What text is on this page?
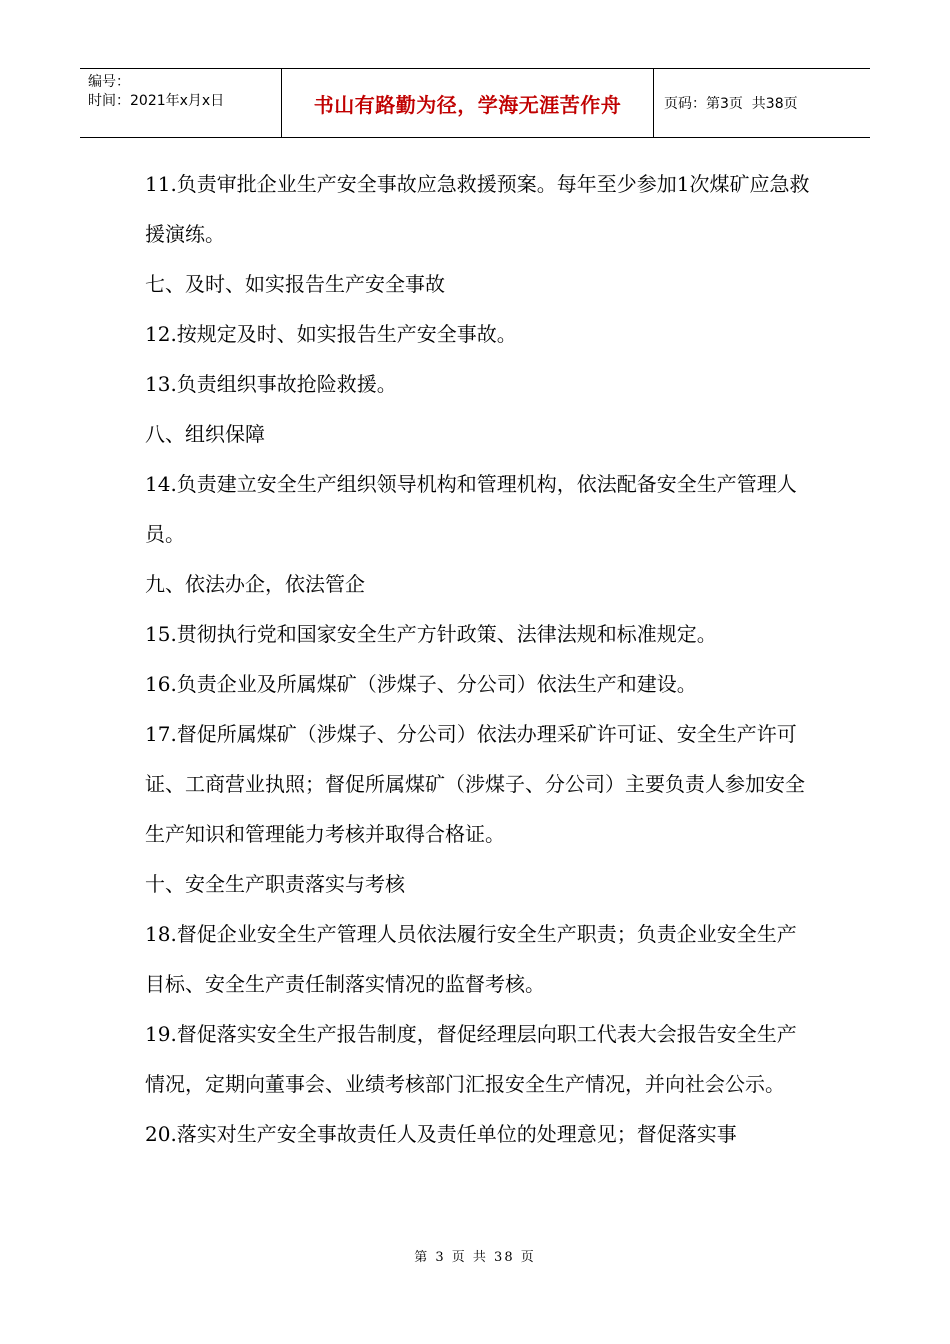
编号：
时间：2021年x月x日	书山有路勤为径，学海无涯苦作舟	页码：第3页  共38页

11.负责审批企业生产安全事故应急救援预案。每年至少参加1次煤矿应急救援演练。

七、及时、如实报告生产安全事故

12.按规定及时、如实报告生产安全事故。

13.负责组织事故抢险救援。

八、组织保障

14.负责建立安全生产组织领导机构和管理机构，依法配备安全生产管理人员。

九、依法办企，依法管企

15.贯彻执行党和国家安全生产方针政策、法律法规和标准规定。

16.负责企业及所属煤矿（涉煤子、分公司）依法生产和建设。

17.督促所属煤矿（涉煤子、分公司）依法办理采矿许可证、安全生产许可证、工商营业执照；督促所属煤矿（涉煤子、分公司）主要负责人参加安全生产知识和管理能力考核并取得合格证。

十、安全生产职责落实与考核

18.督促企业安全生产管理人员依法履行安全生产职责；负责企业安全生产目标、安全生产责任制落实情况的监督考核。

19.督促落实安全生产报告制度，督促经理层向职工代表大会报告安全生产情况，定期向董事会、业绩考核部门汇报安全生产情况，并向社会公示。

20.落实对生产安全事故责任人及责任单位的处理意见；督促落实事

第 3 页 共 38 页
